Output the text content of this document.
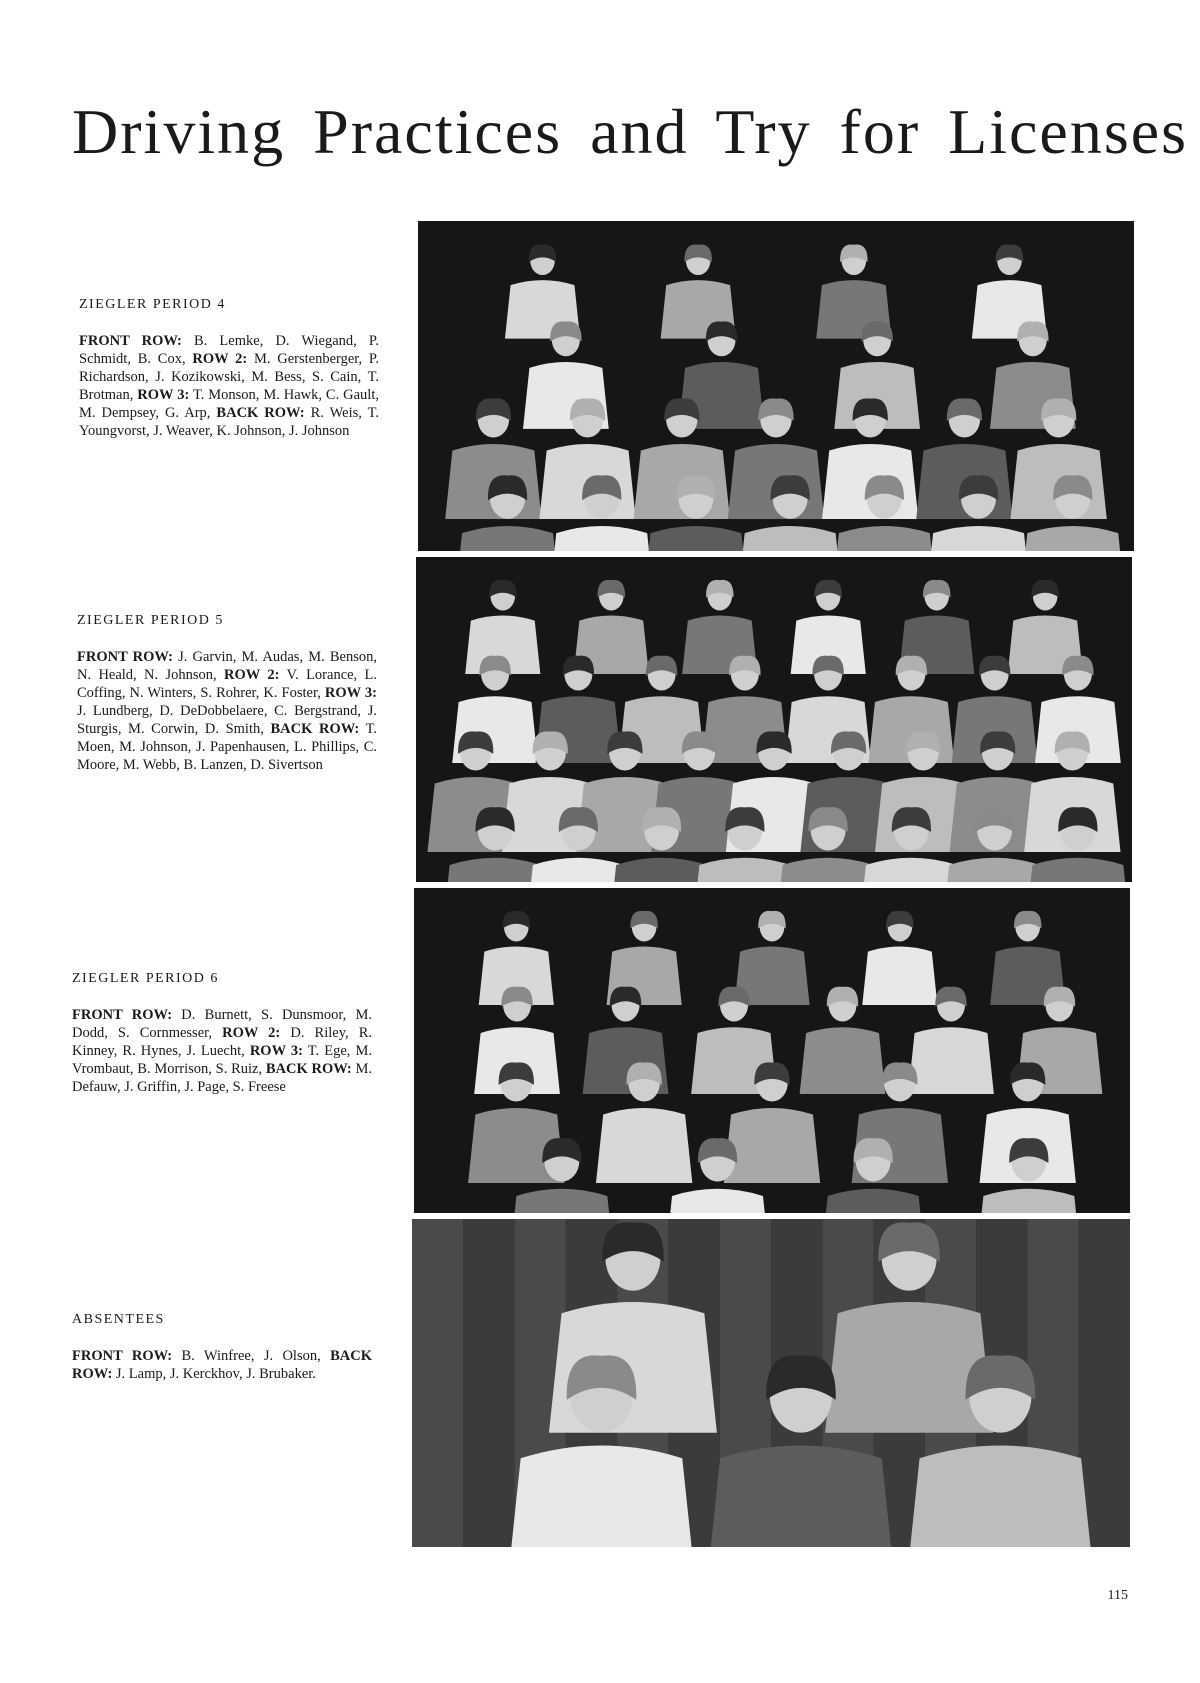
Driving Practices and Try for Licenses
ZIEGLER PERIOD 4
FRONT ROW: B. Lemke, D. Wiegand, P. Schmidt, B. Cox, ROW 2: M. Gerstenberger, P. Richardson, J. Kozikowski, M. Bess, S. Cain, T. Brotman, ROW 3: T. Monson, M. Hawk, C. Gault, M. Dempsey, G. Arp, BACK ROW: R. Weis, T. Youngvorst, J. Weaver, K. Johnson, J. Johnson
ZIEGLER PERIOD 5
FRONT ROW: J. Garvin, M. Audas, M. Benson, N. Heald, N. Johnson, ROW 2: V. Lorance, L. Coffing, N. Winters, S. Rohrer, K. Foster, ROW 3: J. Lundberg, D. DeDobbelaere, C. Bergstrand, J. Sturgis, M. Corwin, D. Smith, BACK ROW: T. Moen, M. Johnson, J. Papenhausen, L. Phillips, C. Moore, M. Webb, B. Lanzen, D. Sivertson
ZIEGLER PERIOD 6
FRONT ROW: D. Burnett, S. Dunsmoor, M. Dodd, S. Cornmesser, ROW 2: D. Riley, R. Kinney, R. Hynes, J. Luecht, ROW 3: T. Ege, M. Vrombaut, B. Morrison, S. Ruiz, BACK ROW: M. Defauw, J. Griffin, J. Page, S. Freese
ABSENTEES
FRONT ROW: B. Winfree, J. Olson, BACK ROW: J. Lamp, J. Kerckhov, J. Brubaker.
115
